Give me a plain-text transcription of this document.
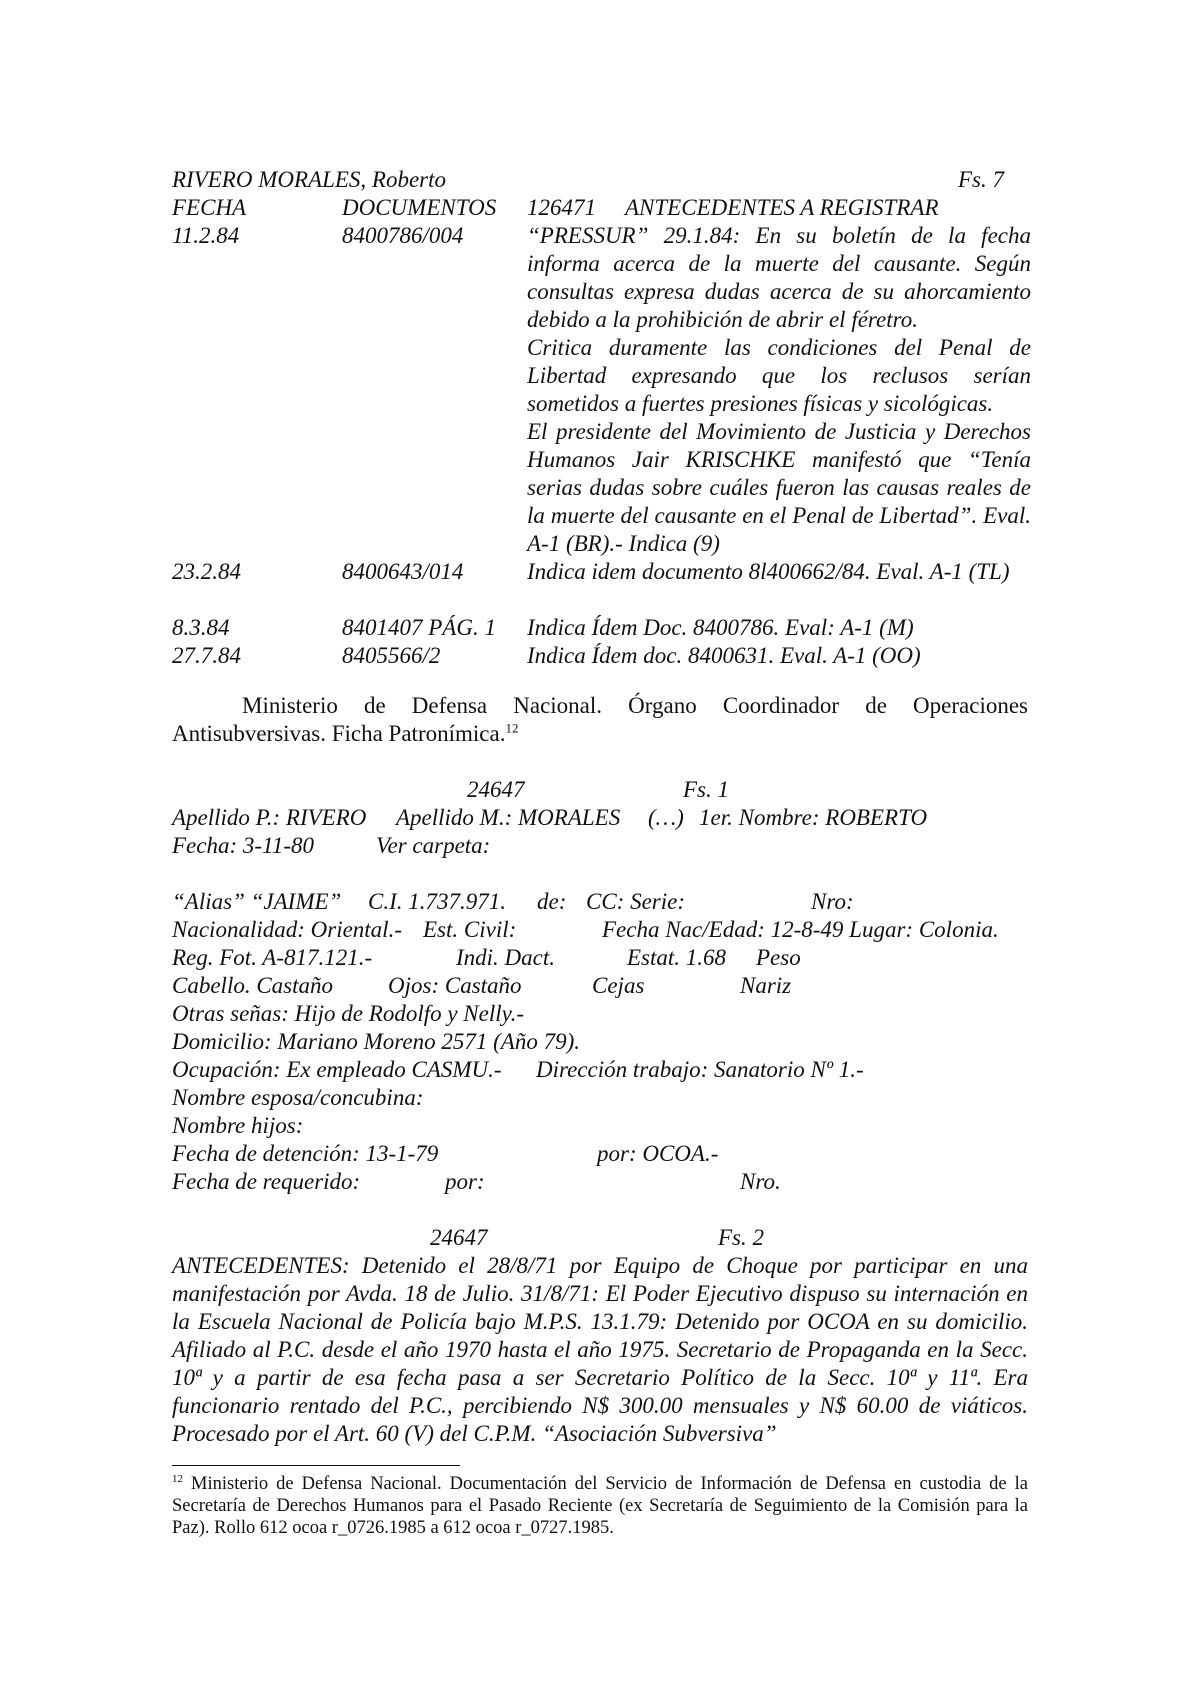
RIVERO MORALES, Roberto	Fs. 7
FECHA	DOCUMENTOS 126471 ANTECEDENTES A REGISTRAR
11.2.84	8400786/004	“PRESSUR” 29.1.84: En su boletín de la fecha informa acerca de la muerte del causante. Según consultas expresa dudas acerca de su ahorcamiento debido a la prohibición de abrir el féretro.

Critica duramente las condiciones del Penal de Libertad expresando que los reclusos serían sometidos a fuertes presiones físicas y sicológicas.

El presidente del Movimiento de Justicia y Derechos Humanos Jair KRISCHKE manifestó que “Tenía serias dudas sobre cuáles fueron las causas reales de la muerte del causante en el Penal de Libertad”. Eval. A-1 (BR).- Indica (9)

23.2.84	8400643/014	Indica idem documento 8l400662/84. Eval. A-1 (TL)

8.3.84	8401407 PÁG. 1 Indica Ídem Doc. 8400786. Eval: A-1 (M)
27.7.84	8405566/2	Indica Ídem doc. 8400631. Eval. A-1 (OO)

Ministerio de Defensa Nacional. Órgano Coordinador de Operaciones Antisubversivas. Ficha Patronímica.$^{12}$

24647	Fs. 1
Apellido P.: RIVERO Apellido M.: MORALES (…) 1er. Nombre: ROBERTO
Fecha: 3-11-80	Ver carpeta:
“Alias” “JAIME” C.I. 1.737.971. de: CC: Serie:	Nro:
Nacionalidad: Oriental.- Est. Civil:	Fecha Nac/Edad: 12-8-49 Lugar: Colonia.
Reg. Fot. A-817.121.-	Indi. Dact.	Estat. 1.68 Peso
Cabello. Castaño Ojos: Castaño	Cejas	Nariz
Otras señas: Hijo de Rodolfo y Nelly.-
Domicilio: Mariano Moreno 2571 (Año 79).
Ocupación: Ex empleado CASMU.- Dirección trabajo: Sanatorio Nº 1.-
Nombre esposa/concubina:
Nombre hijos:
Fecha de detención: 13-1-79	por: OCOA.-
Fecha de requerido:	por:	Nro.
24647	Fs. 2
ANTECEDENTES: Detenido el 28/8/71 por Equipo de Choque por participar en una manifestación por Avda. 18 de Julio. 31/8/71: El Poder Ejecutivo dispuso su internación en la Escuela Nacional de Policía bajo M.P.S. 13.1.79: Detenido por OCOA en su domicilio. Afiliado al P.C. desde el año 1970 hasta el año 1975. Secretario de Propaganda en la Secc. 10ª y a partir de esa fecha pasa a ser Secretario Político de la Secc. 10ª y 11ª. Era funcionario rentado del P.C., percibiendo N$ 300.00 mensuales y N$ 60.00 de viáticos. Procesado por el Art. 60 (V) del C.P.M. “Asociación Subversiva”
$^{12}$ Ministerio de Defensa Nacional. Documentación del Servicio de Información de Defensa en custodia de la Secretaría de Derechos Humanos para el Pasado Reciente (ex Secretaría de Seguimiento de la Comisión para la Paz). Rollo 612 ocoa r_0726.1985 a 612 ocoa r_0727.1985.
